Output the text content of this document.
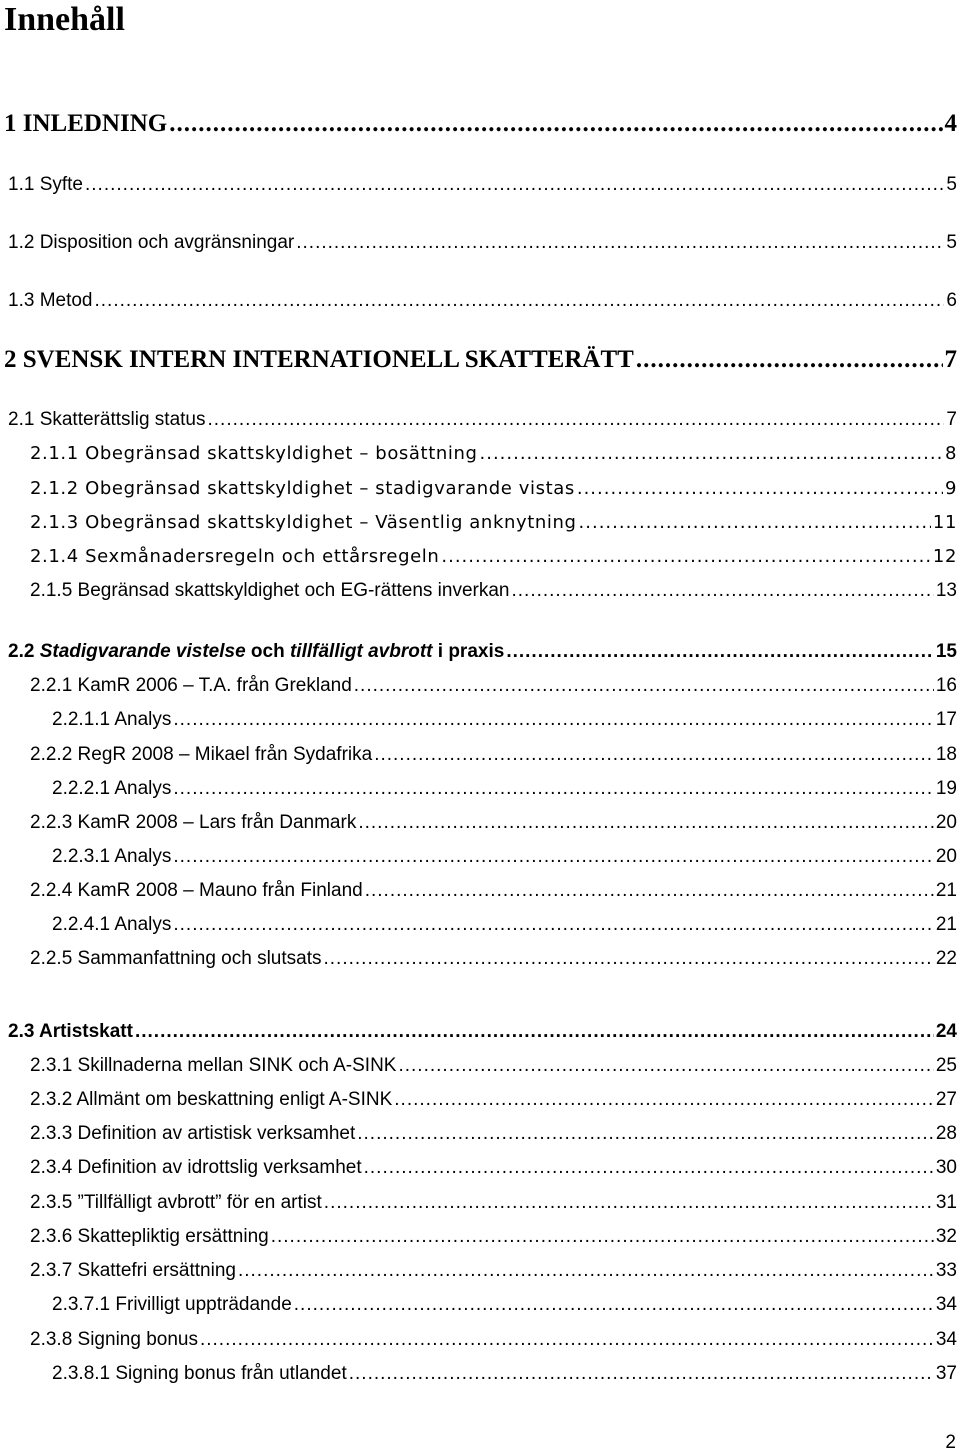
Innehåll
1 INLEDNING .....	4
1.1 Syfte .....	5
1.2 Disposition och avgränsningar .....	5
1.3 Metod .....	6
2 SVENSK INTERN INTERNATIONELL SKATTERÄTT .....	7
2.1 Skatterättslig status .....	7
2.1.1 Obegränsad skattskyldighet – bosättning .....	8
2.1.2 Obegränsad skattskyldighet – stadigvarande vistas .....	9
2.1.3 Obegränsad skattskyldighet – Väsentlig anknytning .....	11
2.1.4 Sexmånadersregeln och ettårsregeln .....	12
2.1.5 Begränsad skattskyldighet och EG-rättens inverkan .....	13
2.2 Stadigvarande vistelse och tillfälligt avbrott i praxis .....	15
2.2.1 KamR 2006 – T.A. från Grekland .....	16
2.2.1.1 Analys .....	17
2.2.2 RegR 2008 – Mikael från Sydafrika .....	18
2.2.2.1 Analys .....	19
2.2.3 KamR 2008 – Lars från Danmark .....	20
2.2.3.1 Analys .....	20
2.2.4 KamR 2008 – Mauno från Finland .....	21
2.2.4.1 Analys .....	21
2.2.5 Sammanfattning och slutsats .....	22
2.3 Artistskatt .....	24
2.3.1 Skillnaderna mellan SINK och A-SINK .....	25
2.3.2 Allmänt om beskattning enligt A-SINK .....	27
2.3.3 Definition av artistisk verksamhet .....	28
2.3.4 Definition av idrottslig verksamhet .....	30
2.3.5 ”Tillfälligt avbrott” för en artist .....	31
2.3.6 Skattepliktig ersättning .....	32
2.3.7 Skattefri ersättning .....	33
2.3.7.1 Frivilligt uppträdande .....	34
2.3.8 Signing bonus .....	34
2.3.8.1 Signing bonus från utlandet .....	37
2
